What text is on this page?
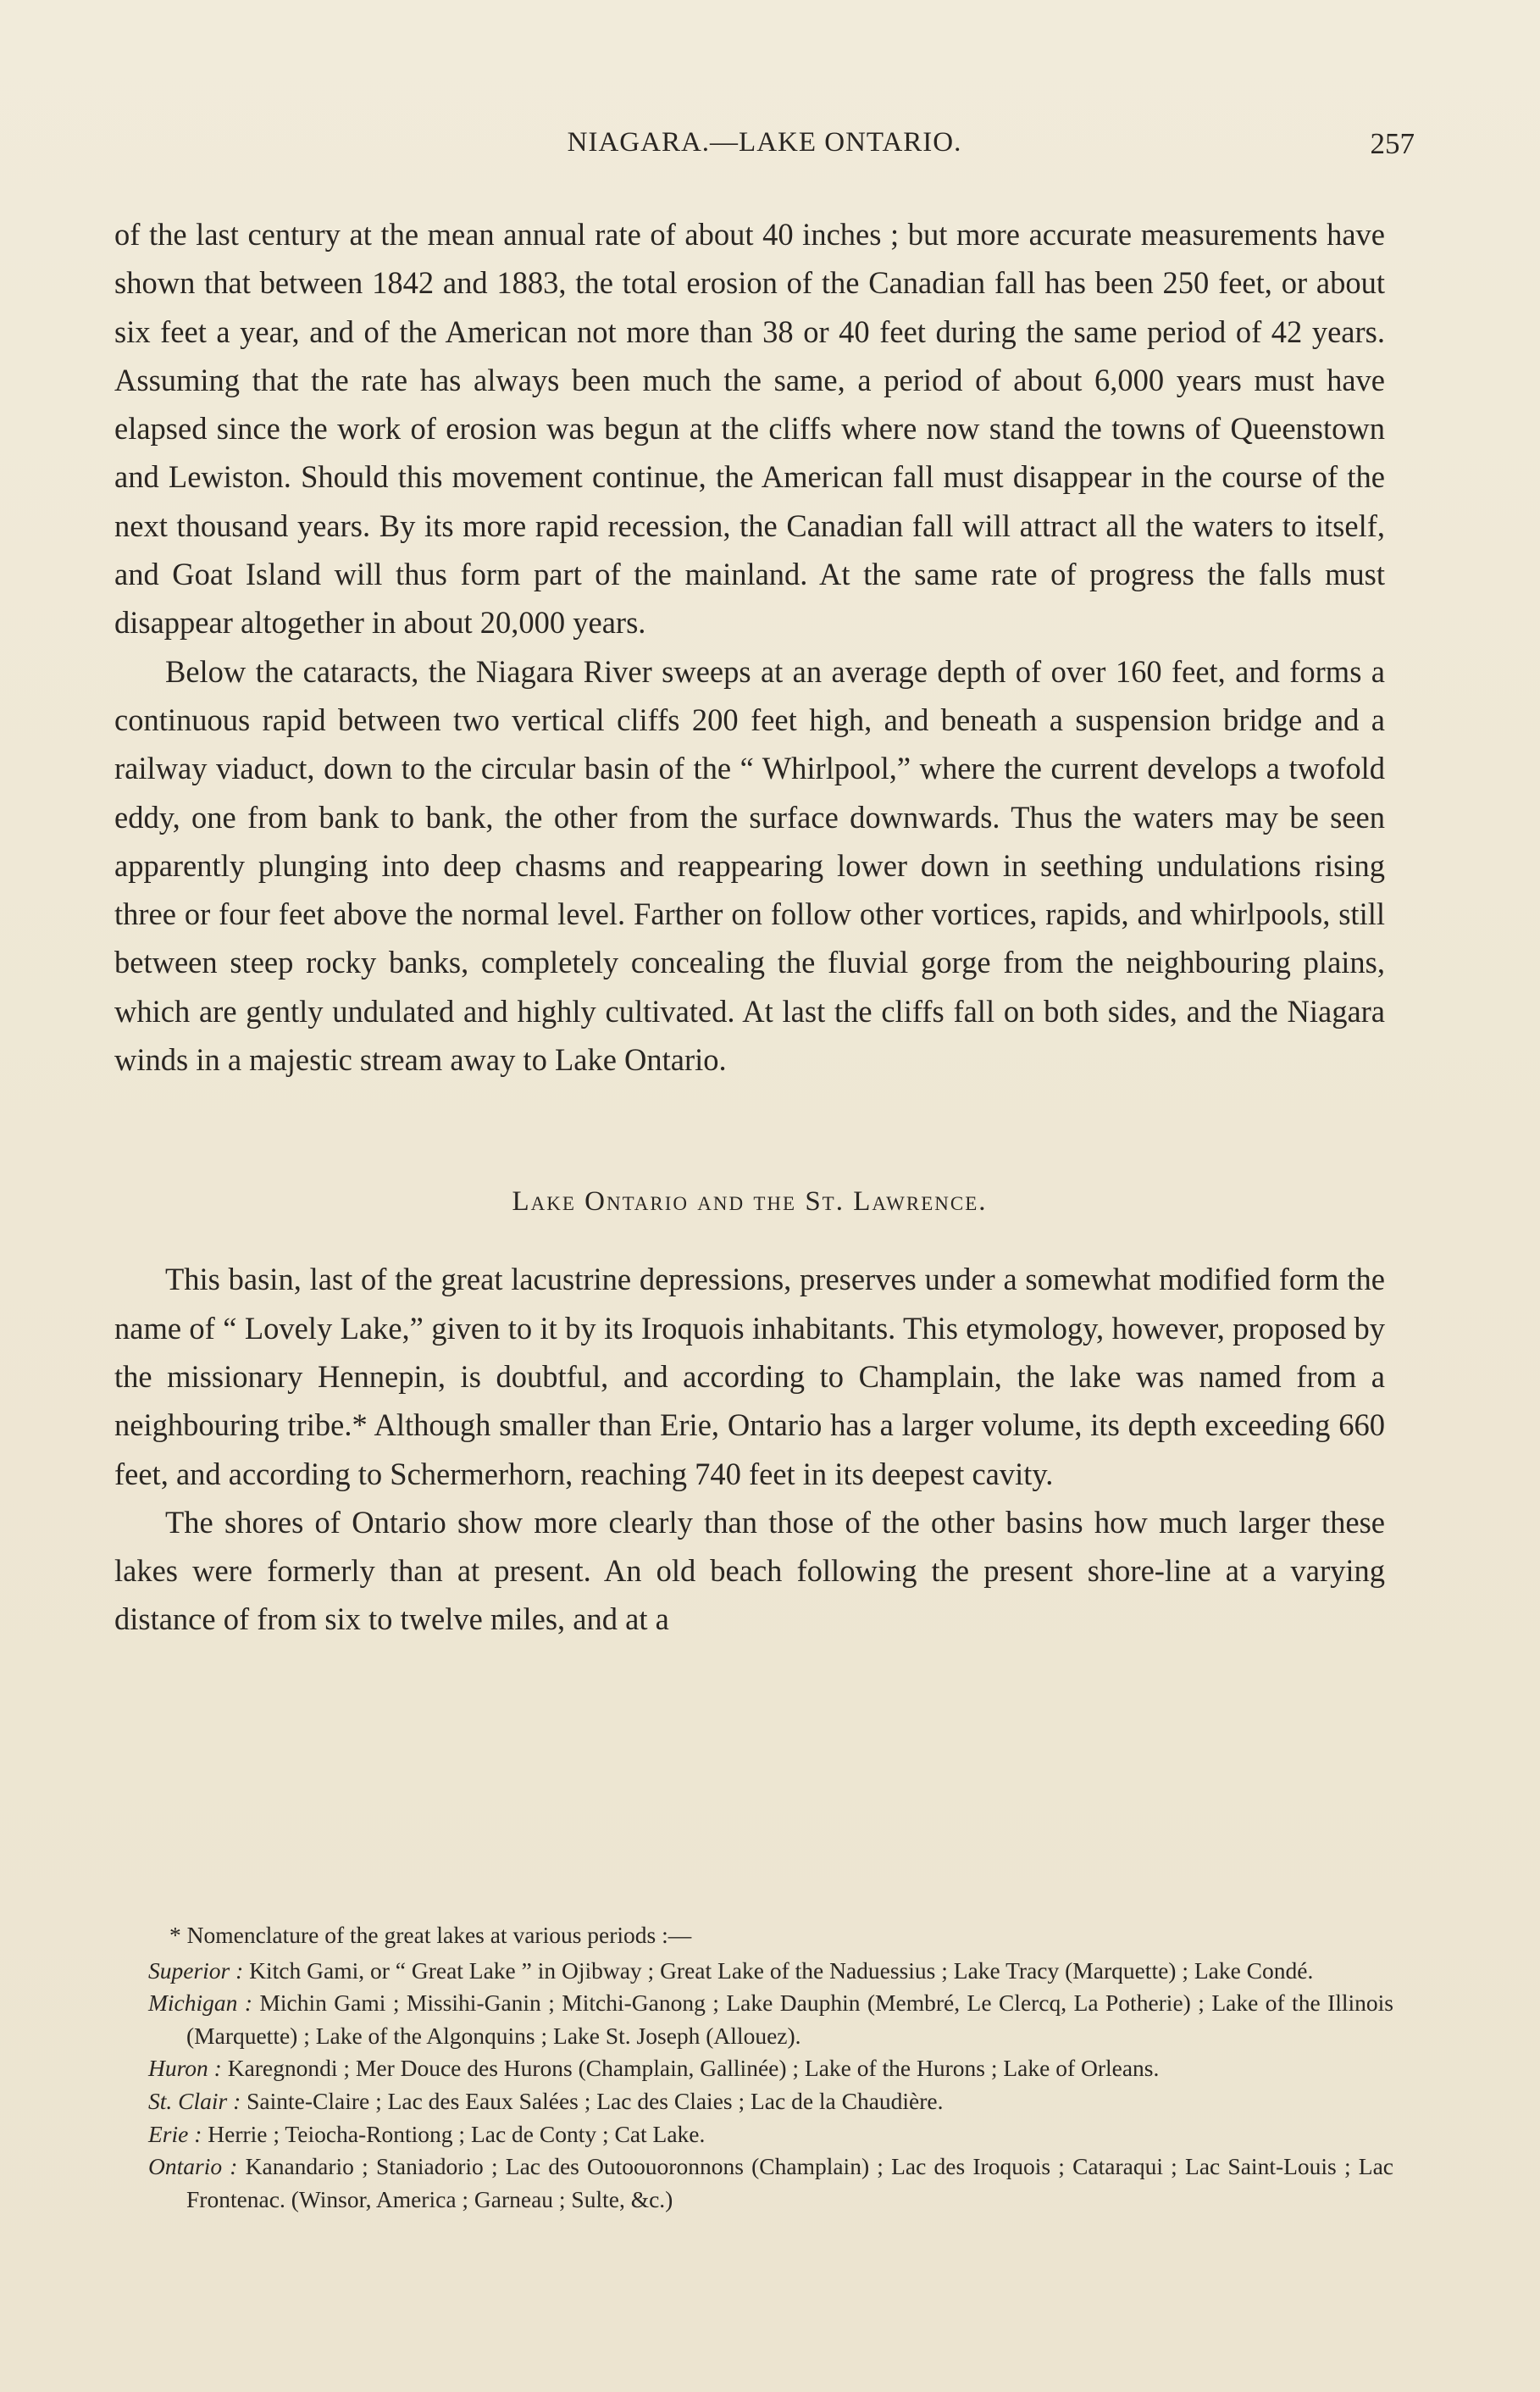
NIAGARA.—LAKE ONTARIO.	257

of the last century at the mean annual rate of about 40 inches ; but more accurate measurements have shown that between 1842 and 1883, the total erosion of the Canadian fall has been 250 feet, or about six feet a year, and of the American not more than 38 or 40 feet during the same period of 42 years. Assuming that the rate has always been much the same, a period of about 6,000 years must have elapsed since the work of erosion was begun at the cliffs where now stand the towns of Queenstown and Lewiston. Should this movement continue, the American fall must disappear in the course of the next thousand years. By its more rapid recession, the Canadian fall will attract all the waters to itself, and Goat Island will thus form part of the mainland. At the same rate of progress the falls must disappear altogether in about 20,000 years.

Below the cataracts, the Niagara River sweeps at an average depth of over 160 feet, and forms a continuous rapid between two vertical cliffs 200 feet high, and beneath a suspension bridge and a railway viaduct, down to the circular basin of the “ Whirlpool,” where the current develops a twofold eddy, one from bank to bank, the other from the surface downwards. Thus the waters may be seen apparently plunging into deep chasms and reappearing lower down in seething undulations rising three or four feet above the normal level. Farther on follow other vortices, rapids, and whirlpools, still between steep rocky banks, completely concealing the fluvial gorge from the neighbouring plains, which are gently undulated and highly cultivated. At last the cliffs fall on both sides, and the Niagara winds in a majestic stream away to Lake Ontario.

Lake Ontario and the St. Lawrence.

This basin, last of the great lacustrine depressions, preserves under a somewhat modified form the name of “ Lovely Lake,” given to it by its Iroquois inhabitants. This etymology, however, proposed by the missionary Hennepin, is doubtful, and according to Champlain, the lake was named from a neighbouring tribe.* Although smaller than Erie, Ontario has a larger volume, its depth exceeding 660 feet, and according to Schermerhorn, reaching 740 feet in its deepest cavity.

The shores of Ontario show more clearly than those of the other basins how much larger these lakes were formerly than at present. An old beach following the present shore-line at a varying distance of from six to twelve miles, and at a

* Nomenclature of the great lakes at various periods :—

Superior : Kitch Gami, or “ Great Lake ” in Ojibway ; Great Lake of the Naduessius ; Lake Tracy (Marquette) ; Lake Condé.

Michigan : Michin Gami ; Missihi-Ganin ; Mitchi-Ganong ; Lake Dauphin (Membré, Le Clercq, La Potherie) ; Lake of the Illinois (Marquette) ; Lake of the Algonquins ; Lake St. Joseph (Allouez).

Huron : Karegnondi ; Mer Douce des Hurons (Champlain, Gallinée) ; Lake of the Hurons ; Lake of Orleans.

St. Clair : Sainte-Claire ; Lac des Eaux Salées ; Lac des Claies ; Lac de la Chaudière.

Erie : Herrie ; Teiocha-Rontiong ; Lac de Conty ; Cat Lake.

Ontario : Kanandario ; Staniadorio ; Lac des Outoouoronnons (Champlain) ; Lac des Iroquois ; Cataraqui ; Lac Saint-Louis ; Lac Frontenac. (Winsor, America ; Garneau ; Sulte, &c.)
